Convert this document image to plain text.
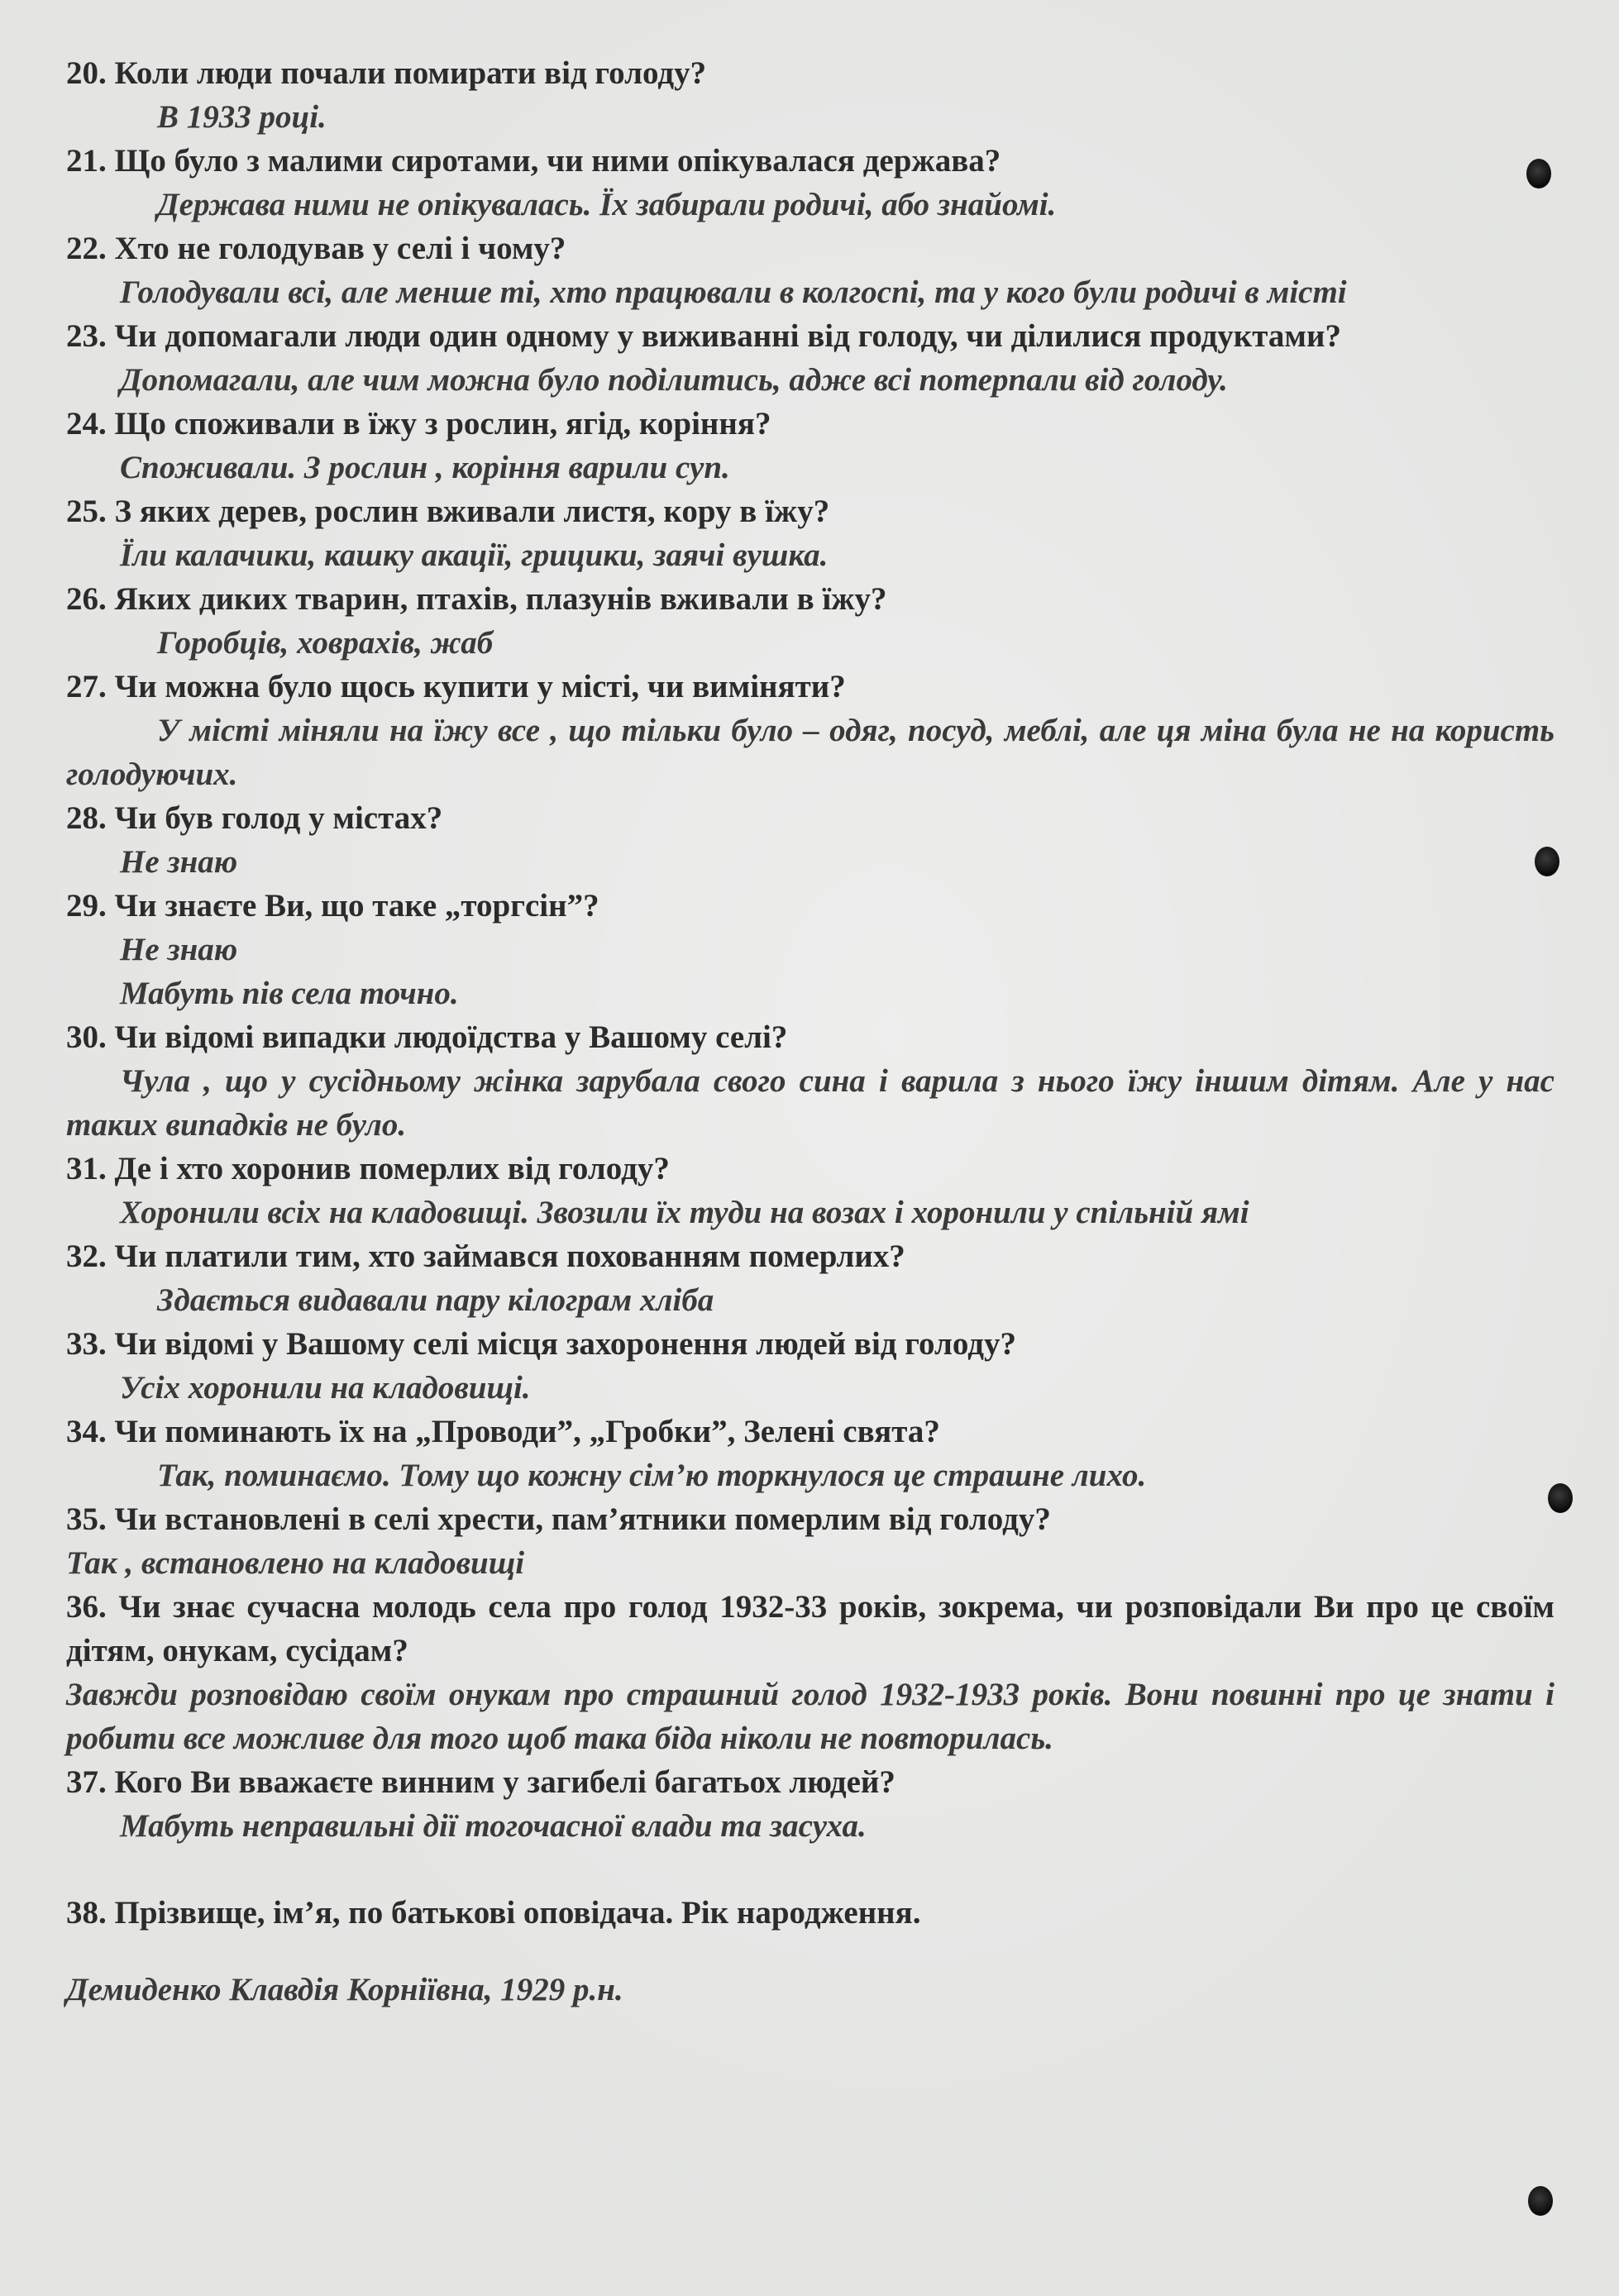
20. Коли люди почали помирати від голоду?

В 1933 році.

21. Що було з малими сиротами, чи ними опікувалася держава?

Держава ними не опікувалась. Їх забирали родичі, або знайомі.

22. Хто не голодував у селі і чому?

Голодували всі, але менше ті, хто працювали в колгоспі, та у кого були родичі в місті

23. Чи допомагали люди один одному у виживанні від голоду, чи ділилися продуктами?

Допомагали, але чим можна було поділитись, адже всі потерпали від голоду.

24. Що споживали в їжу з рослин, ягід, коріння?

Споживали. З рослин , коріння варили суп.

25. З яких дерев, рослин вживали листя, кору в їжу?

Їли калачики, кашку акації, грицики, заячі вушка.

26. Яких диких тварин, птахів, плазунів вживали в їжу?

Горобців, ховрахів, жаб

27. Чи можна було щось купити у місті, чи виміняти?

У місті міняли на їжу все , що тільки було – одяг, посуд, меблі, але ця міна була не на користь голодуючих.

28. Чи був голод у містах?

Не знаю

29. Чи знаєте Ви, що таке „торгсін”?

Не знаю

Мабуть пів села точно.

30. Чи відомі випадки людоїдства у Вашому селі?

Чула , що у сусідньому жінка зарубала свого сина і варила з нього їжу іншим дітям. Але у нас таких випадків не було.

31. Де і хто хоронив померлих від голоду?

Хоронили всіх на кладовищі. Звозили їх туди на возах і хоронили у спільній ямі

32. Чи платили тим, хто займався похованням померлих?

Здається видавали пару кілограм хліба

33. Чи відомі у Вашому селі місця захоронення людей від голоду?

Усіх хоронили на кладовищі.

34. Чи поминають їх на „Проводи”, „Гробки”, Зелені свята?

Так, поминаємо. Тому що кожну сім’ю торкнулося це страшне лихо.

35. Чи встановлені в селі хрести, пам’ятники померлим від голоду?

Так , встановлено на кладовищі

36. Чи знає сучасна молодь села про голод 1932-33 років, зокрема, чи розповідали Ви про це своїм дітям, онукам, сусідам?

Завжди розповідаю своїм онукам про страшний голод 1932-1933 років. Вони повинні про це знати і робити все можливе для того щоб така біда ніколи не повторилась.

37. Кого Ви вважаєте винним у загибелі багатьох людей?

Мабуть неправильні дії тогочасної влади та засуха.

38. Прізвище, ім’я, по батькові оповідача. Рік народження.

Демиденко Клавдія Корніївна, 1929 р.н.
